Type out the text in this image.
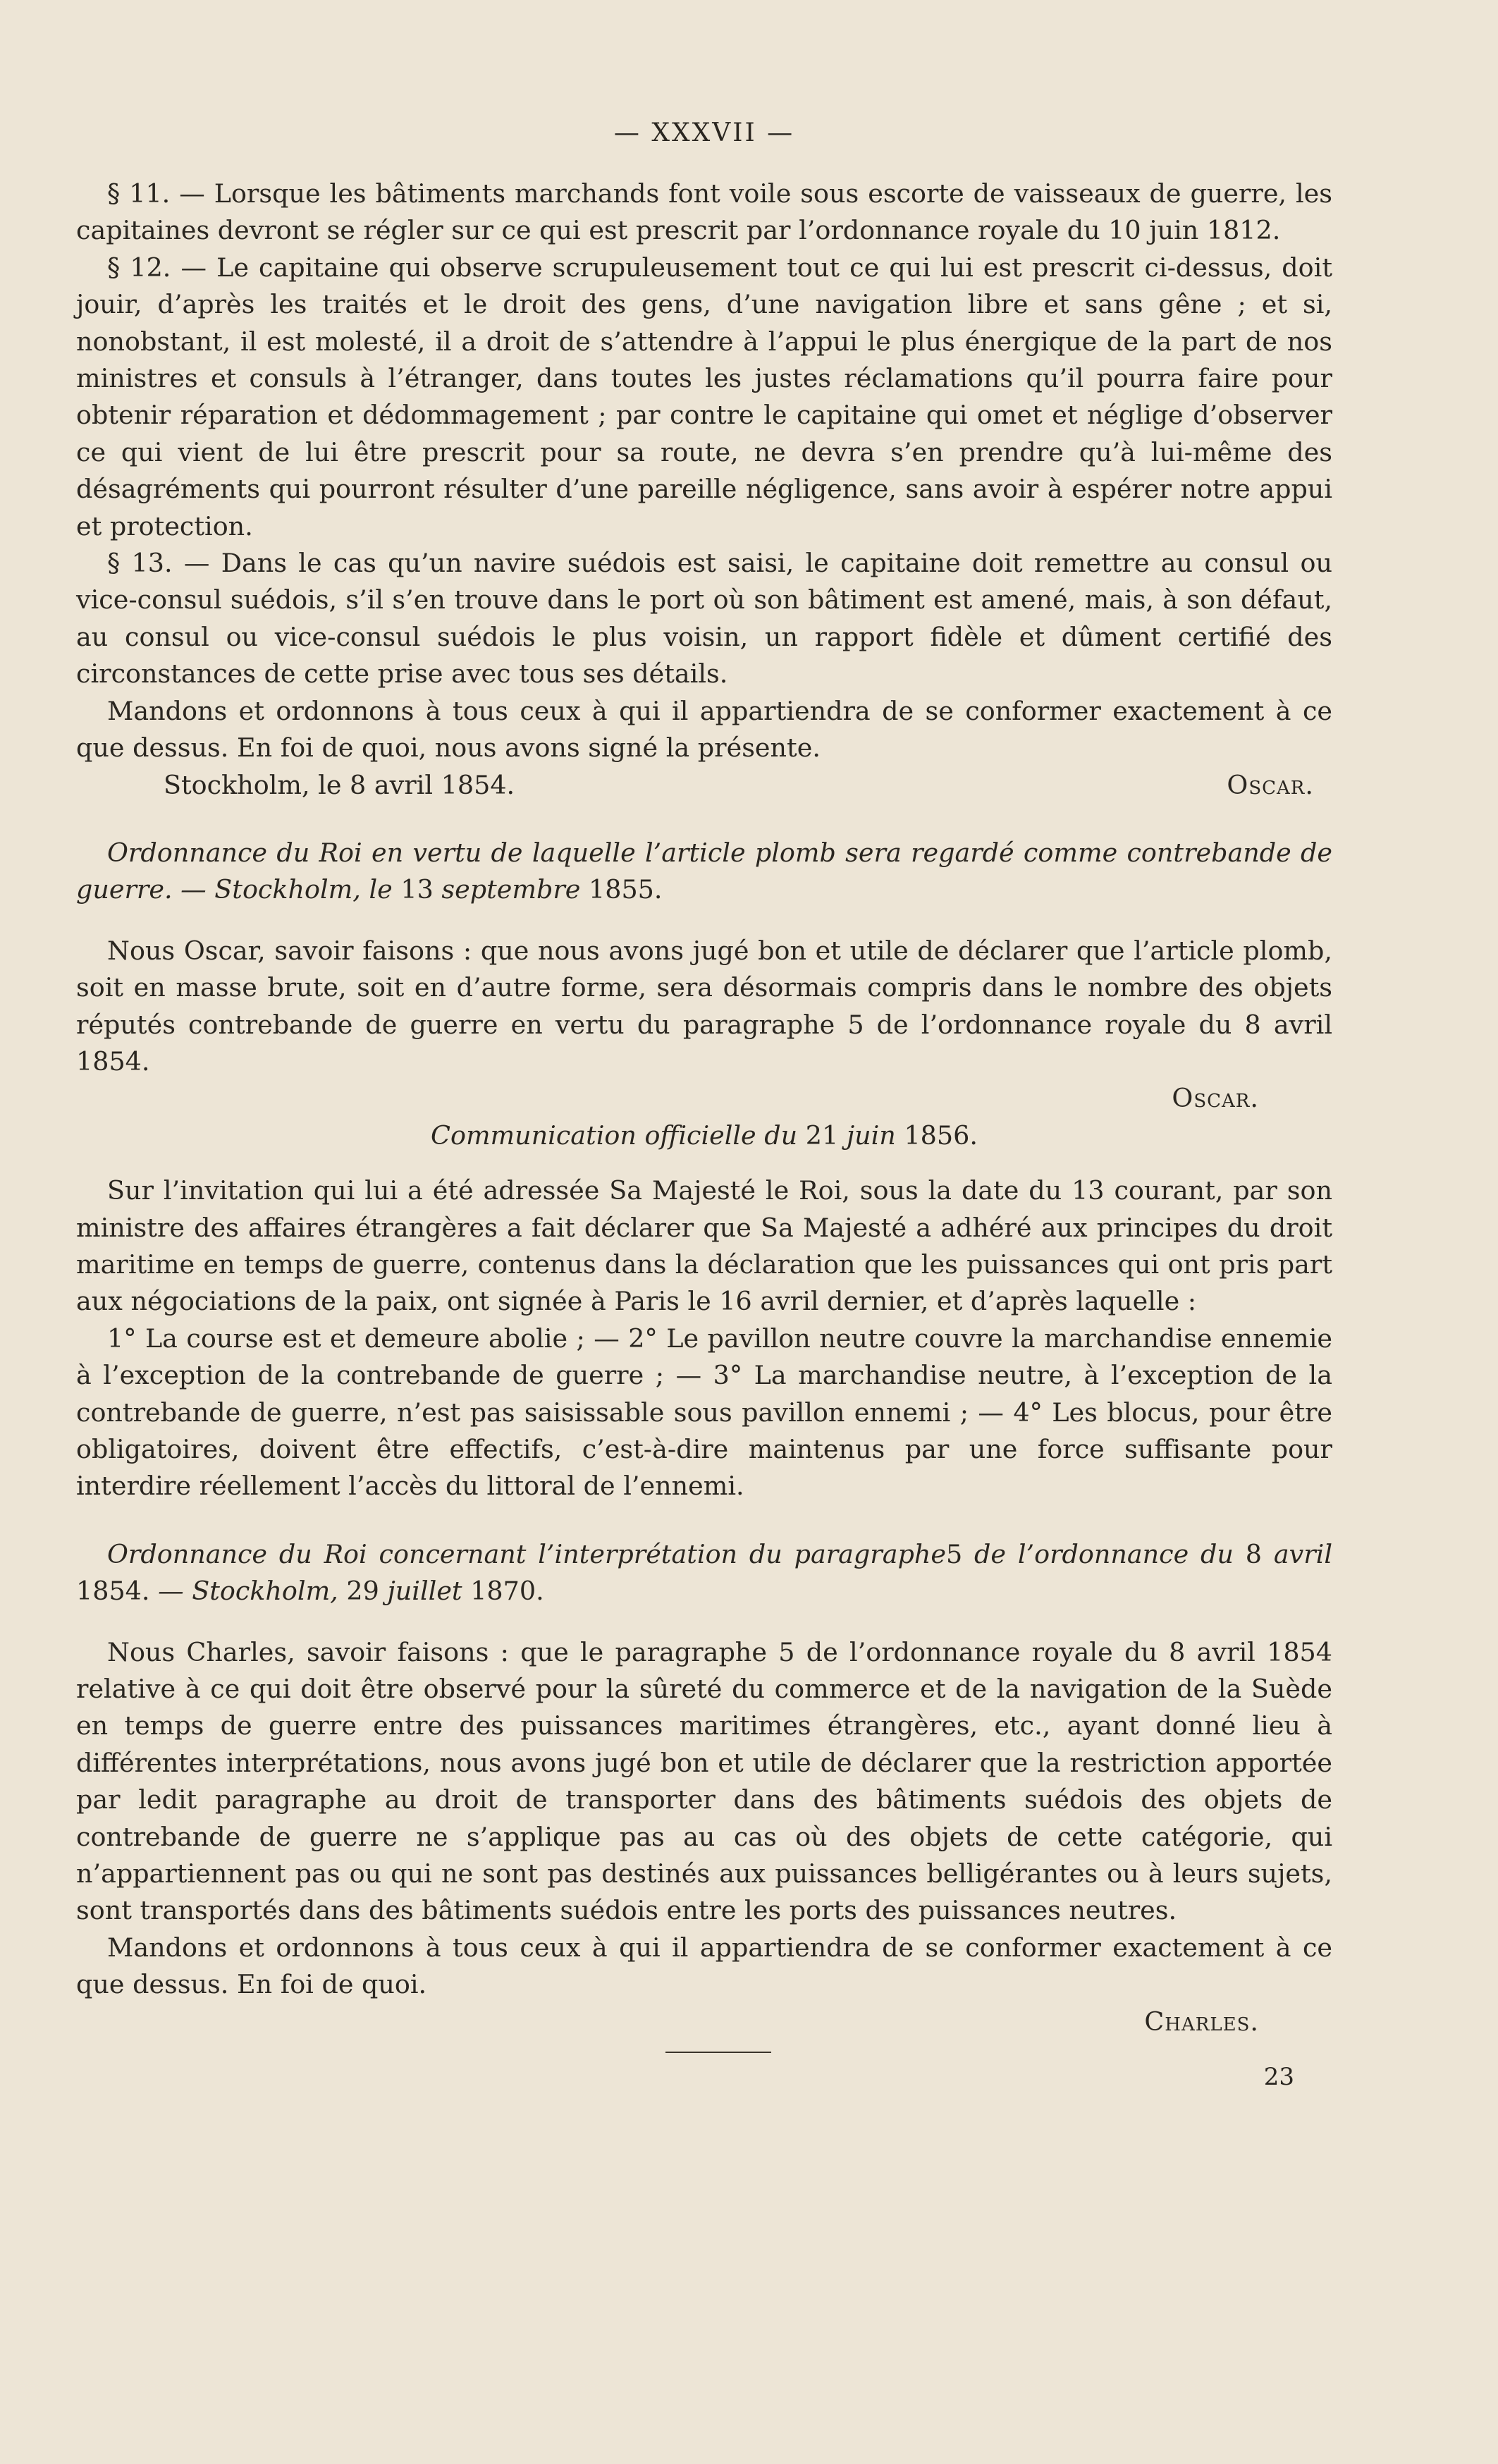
— XXXVII —

§ 11. — Lorsque les bâtiments marchands font voile sous escorte de vaisseaux de guerre, les capitaines devront se régler sur ce qui est prescrit par l’ordonnance royale du 10 juin 1812.

§ 12. — Le capitaine qui observe scrupuleusement tout ce qui lui est prescrit ci-dessus, doit jouir, d’après les traités et le droit des gens, d’une navigation libre et sans gêne ; et si, nonobstant, il est molesté, il a droit de s’attendre à l’appui le plus énergique de la part de nos ministres et consuls à l’étranger, dans toutes les justes réclamations qu’il pourra faire pour obtenir réparation et dédommagement ; par contre le capitaine qui omet et néglige d’observer ce qui vient de lui être prescrit pour sa route, ne devra s’en prendre qu’à lui-même des désagréments qui pourront résulter d’une pareille négligence, sans avoir à espérer notre appui et protection.

§ 13. — Dans le cas qu’un navire suédois est saisi, le capitaine doit remettre au consul ou vice-consul suédois, s’il s’en trouve dans le port où son bâtiment est amené, mais, à son défaut, au consul ou vice-consul suédois le plus voisin, un rapport fidèle et dûment certifié des circonstances de cette prise avec tous ses détails.

Mandons et ordonnons à tous ceux à qui il appartiendra de se conformer exactement à ce que dessus. En foi de quoi, nous avons signé la présente.

Stockholm, le 8 avril 1854.	Oscar.
Ordonnance du Roi en vertu de laquelle l’article plomb sera regardé comme contrebande de guerre. — Stockholm, le 13 septembre 1855.

Nous Oscar, savoir faisons : que nous avons jugé bon et utile de déclarer que l’article plomb, soit en masse brute, soit en d’autre forme, sera désormais compris dans le nombre des objets réputés contrebande de guerre en vertu du paragraphe 5 de l’ordonnance royale du 8 avril 1854.

Oscar.
Communication officielle du 21 juin 1856.

Sur l’invitation qui lui a été adressée Sa Majesté le Roi, sous la date du 13 courant, par son ministre des affaires étrangères a fait déclarer que Sa Majesté a adhéré aux principes du droit maritime en temps de guerre, contenus dans la déclaration que les puissances qui ont pris part aux négociations de la paix, ont signée à Paris le 16 avril dernier, et d’après laquelle :

1° La course est et demeure abolie ; — 2° Le pavillon neutre couvre la marchandise ennemie à l’exception de la contrebande de guerre ; — 3° La marchandise neutre, à l’exception de la contrebande de guerre, n’est pas saisissable sous pavillon ennemi ; — 4° Les blocus, pour être obligatoires, doivent être effectifs, c’est-à-dire maintenus par une force suffisante pour interdire réellement l’accès du littoral de l’ennemi.

Ordonnance du Roi concernant l’interprétation du paragraphe5 de l’ordonnance du 8 avril 1854. — Stockholm, 29 juillet 1870.

Nous Charles, savoir faisons : que le paragraphe 5 de l’ordonnance royale du 8 avril 1854 relative à ce qui doit être observé pour la sûreté du commerce et de la navigation de la Suède en temps de guerre entre des puissances maritimes étrangères, etc., ayant donné lieu à différentes interprétations, nous avons jugé bon et utile de déclarer que la restriction apportée par ledit paragraphe au droit de transporter dans des bâtiments suédois des objets de contrebande de guerre ne s’applique pas au cas où des objets de cette catégorie, qui n’appartiennent pas ou qui ne sont pas destinés aux puissances belligérantes ou à leurs sujets, sont transportés dans des bâtiments suédois entre les ports des puissances neutres.

Mandons et ordonnons à tous ceux à qui il appartiendra de se conformer exactement à ce que dessus. En foi de quoi.

Charles.
23
